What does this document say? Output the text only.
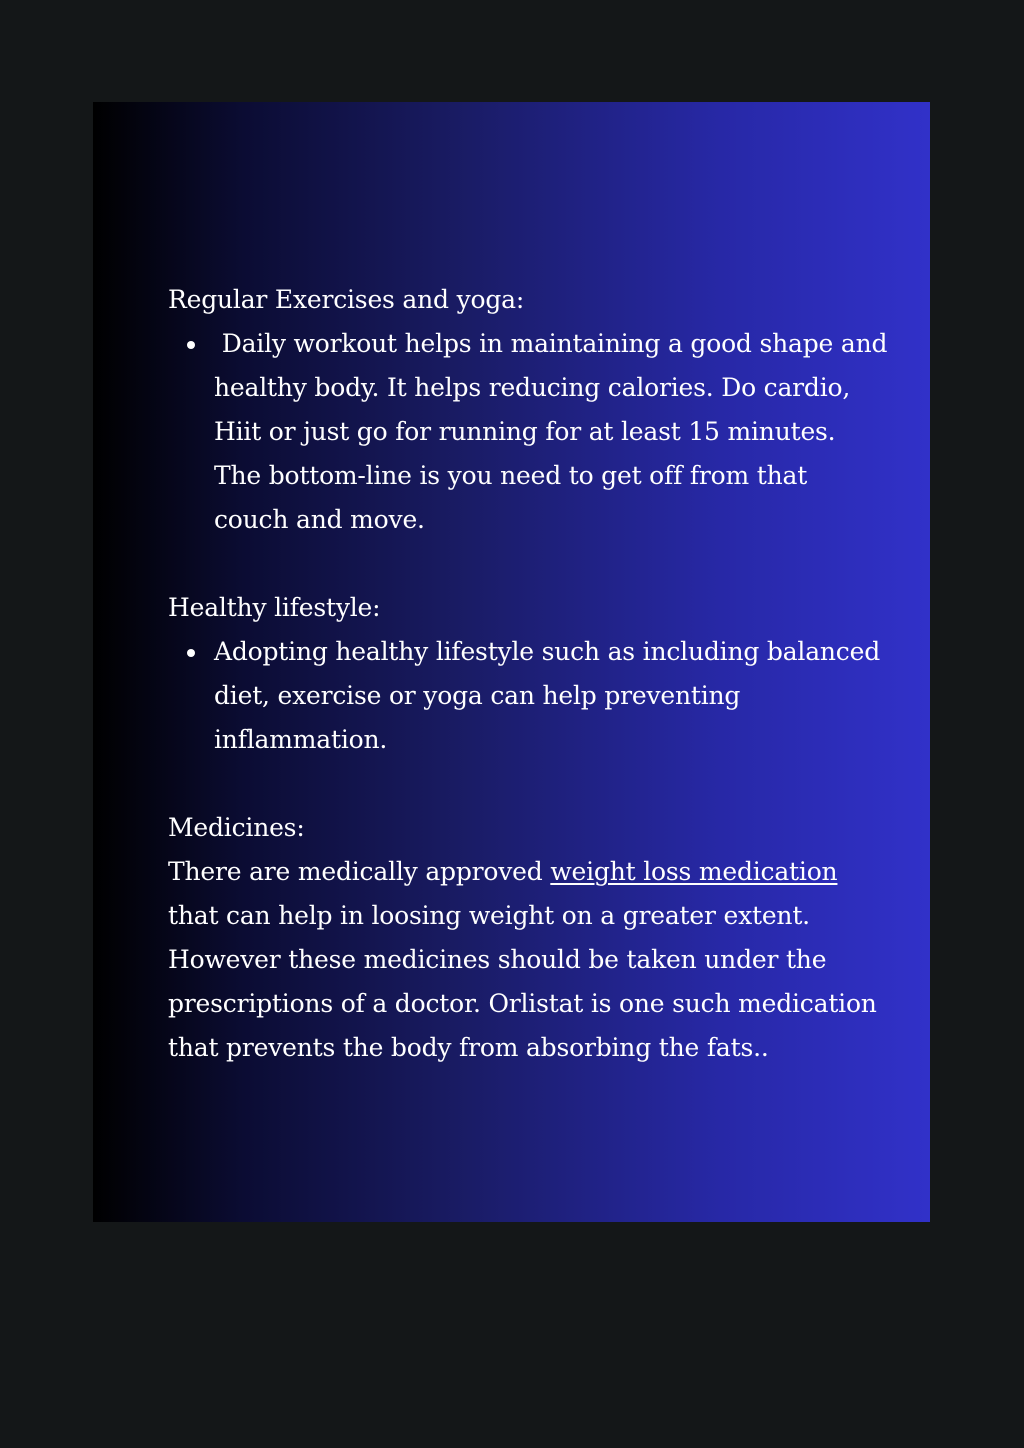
Regular Exercises and yoga:
Daily workout helps in maintaining a good shape and healthy body. It helps reducing calories. Do cardio, Hiit or just go for running for at least 15 minutes. The bottom-line is you need to get off from that couch and move.
Healthy lifestyle:
Adopting healthy lifestyle such as including balanced diet, exercise or yoga can help preventing inflammation.
Medicines:

There are medically approved weight loss medication that can help in loosing weight on a greater extent. However these medicines should be taken under the prescriptions of a doctor. Orlistat is one such medication that prevents the body from absorbing the fats..
